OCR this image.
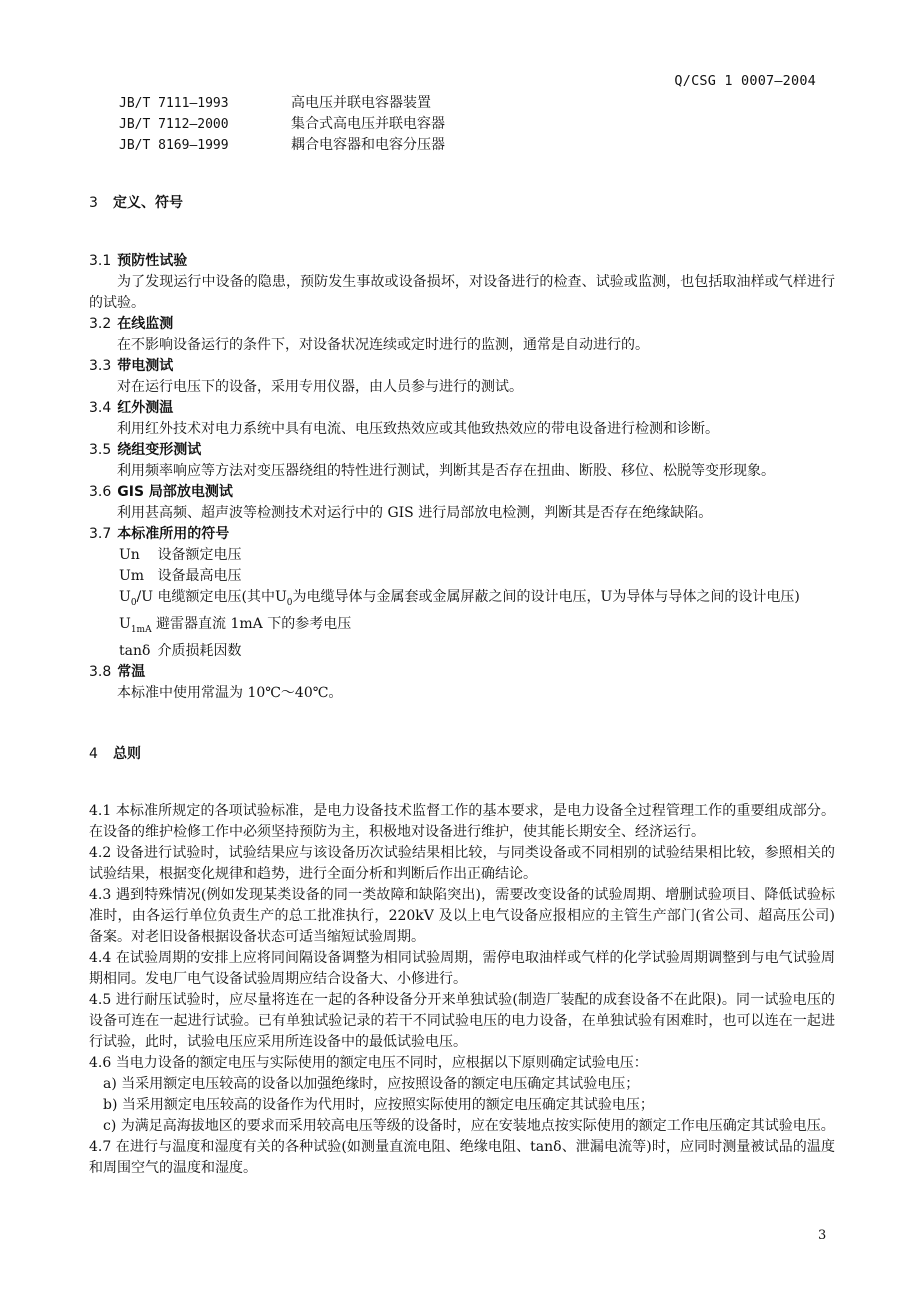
Q/CSG 1 0007—2004
JB/T 7111—1993	高电压并联电容器装置
JB/T 7112—2000	集合式高电压并联电容器
JB/T 8169—1999	耦合电容器和电容分压器
3 定义、符号
3.1 预防性试验
为了发现运行中设备的隐患，预防发生事故或设备损坏，对设备进行的检查、试验或监测，也包括取油样或气样进行的试验。
3.2 在线监测
在不影响设备运行的条件下，对设备状况连续或定时进行的监测，通常是自动进行的。
3.3 带电测试
对在运行电压下的设备，采用专用仪器，由人员参与进行的测试。
3.4 红外测温
利用红外技术对电力系统中具有电流、电压致热效应或其他致热效应的带电设备进行检测和诊断。
3.5 绕组变形测试
利用频率响应等方法对变压器绕组的特性进行测试，判断其是否存在扭曲、断股、移位、松脱等变形现象。
3.6 GIS 局部放电测试
利用甚高频、超声波等检测技术对运行中的 GIS 进行局部放电检测，判断其是否存在绝缘缺陷。
3.7 本标准所用的符号
Un 设备额定电压
Um 设备最高电压
$U_0/U$ 电缆额定电压(其中$U_0$为电缆导体与金属套或金属屏蔽之间的设计电压，U为导体与导体之间的设计电压)
$U_{1mA}$ 避雷器直流 1mA 下的参考电压
tanδ 介质损耗因数
3.8 常温
本标准中使用常温为 10℃～40℃。
4 总则
4.1 本标准所规定的各项试验标准，是电力设备技术监督工作的基本要求，是电力设备全过程管理工作的重要组成部分。在设备的维护检修工作中必须坚持预防为主，积极地对设备进行维护，使其能长期安全、经济运行。
4.2 设备进行试验时，试验结果应与该设备历次试验结果相比较，与同类设备或不同相别的试验结果相比较，参照相关的试验结果，根据变化规律和趋势，进行全面分析和判断后作出正确结论。
4.3 遇到特殊情况(例如发现某类设备的同一类故障和缺陷突出)，需要改变设备的试验周期、增删试验项目、降低试验标准时，由各运行单位负责生产的总工批准执行，220kV 及以上电气设备应报相应的主管生产部门(省公司、超高压公司)备案。对老旧设备根据设备状态可适当缩短试验周期。
4.4 在试验周期的安排上应将同间隔设备调整为相同试验周期，需停电取油样或气样的化学试验周期调整到与电气试验周期相同。发电厂电气设备试验周期应结合设备大、小修进行。
4.5 进行耐压试验时，应尽量将连在一起的各种设备分开来单独试验(制造厂装配的成套设备不在此限)。同一试验电压的设备可连在一起进行试验。已有单独试验记录的若干不同试验电压的电力设备，在单独试验有困难时，也可以连在一起进行试验，此时，试验电压应采用所连设备中的最低试验电压。
4.6 当电力设备的额定电压与实际使用的额定电压不同时，应根据以下原则确定试验电压：
a) 当采用额定电压较高的设备以加强绝缘时，应按照设备的额定电压确定其试验电压；
b) 当采用额定电压较高的设备作为代用时，应按照实际使用的额定电压确定其试验电压；
c) 为满足高海拔地区的要求而采用较高电压等级的设备时，应在安装地点按实际使用的额定工作电压确定其试验电压。
4.7 在进行与温度和湿度有关的各种试验(如测量直流电阻、绝缘电阻、tanδ、泄漏电流等)时，应同时测量被试品的温度和周围空气的温度和湿度。
3
